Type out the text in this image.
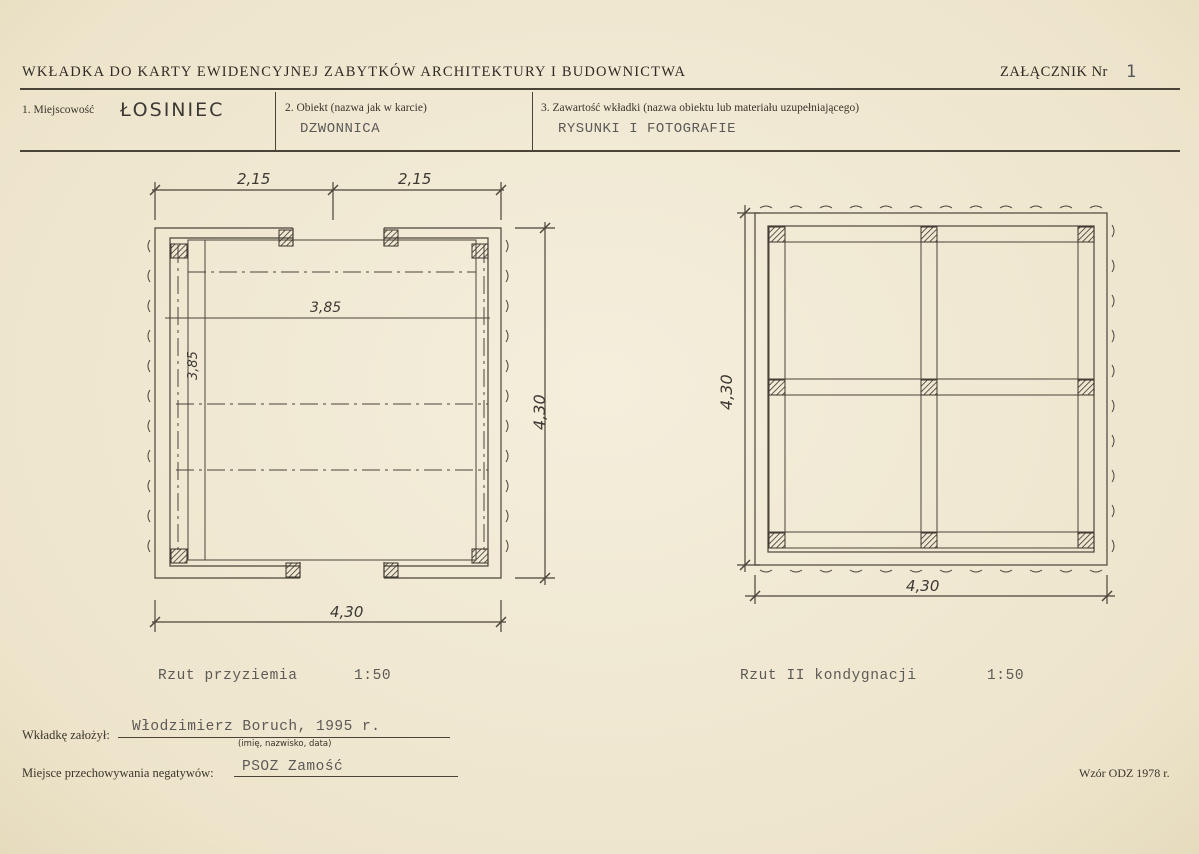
WKŁADKA DO KARTY EWIDENCYJNEJ ZABYTKÓW ARCHITEKTURY I BUDOWNICTWA	ZAŁĄCZNIK Nr 1
1. Miejscowość ŁOSINIEC	2. Obiekt (nazwa jak w karcie)
DZWONNICA
3. Zawartość wkładki (nazwa obiektu lub materiału uzupełniającego)
RYSUNKI I FOTOGRAFIE
2,15	2,15
3,85
3,85
4,30
4,30
4,30
4,30
Rzut przyziemia	1:50	Rzut II kondygnacji	1:50
Wkładkę założył: Włodzimierz Boruch, 1995 r.
(imię, nazwisko, data)
Miejsce przechowywania negatywów: PSOZ Zamość	Wzór ODZ 1978 r.
